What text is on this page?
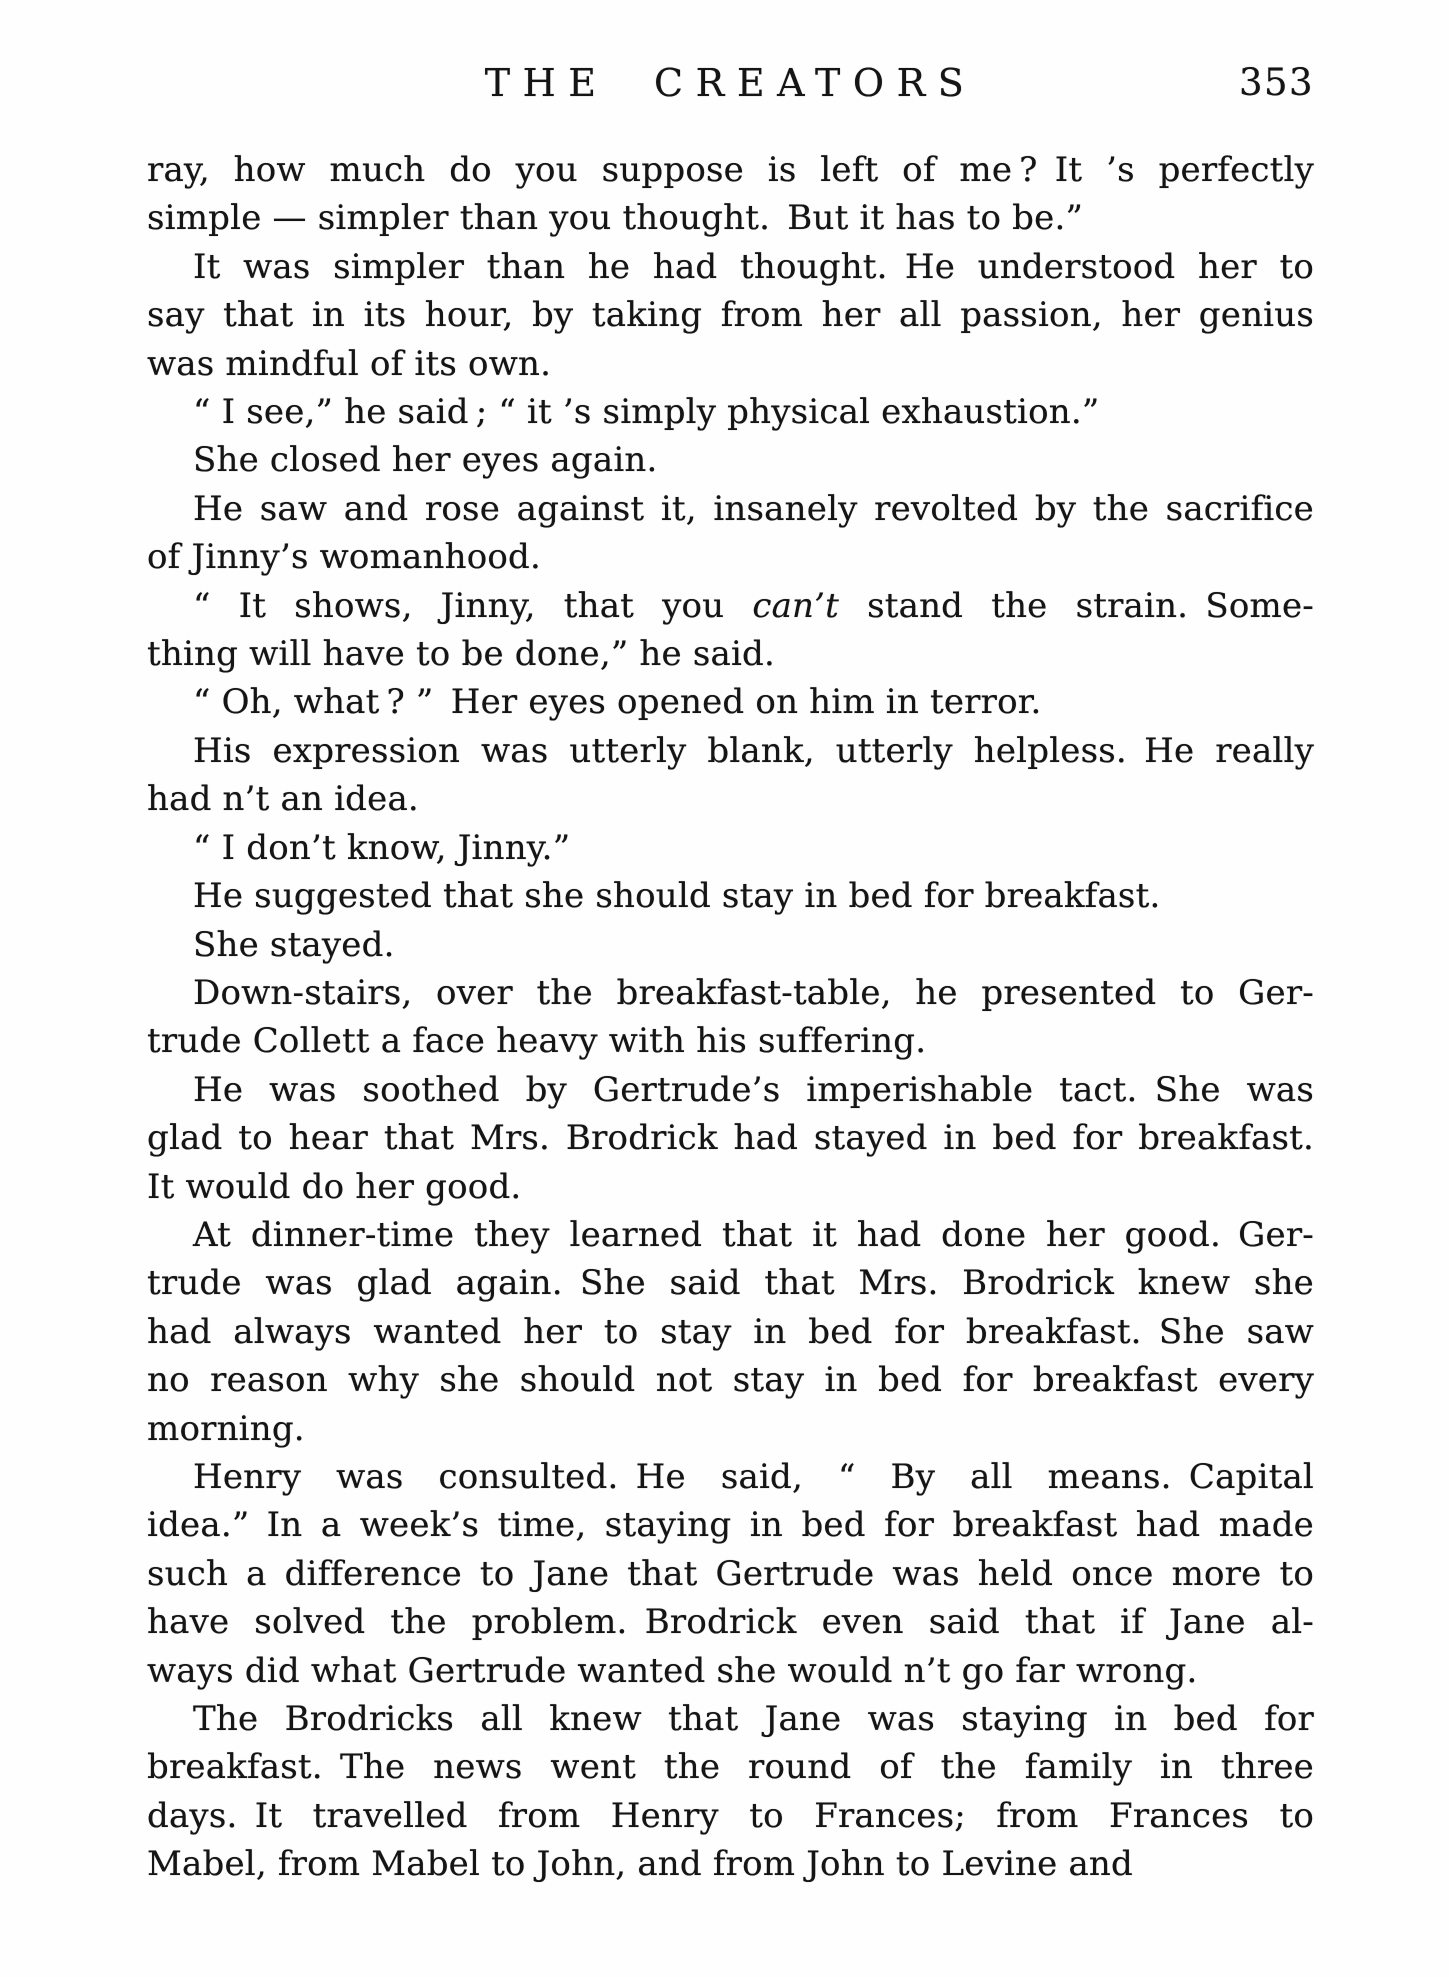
THE CREATORS	353
ray, how much do you suppose is left of me ? It ’s perfectly
simple — simpler than you thought. But it has to be.”
It was simpler than he had thought. He understood her to
say that in its hour, by taking from her all passion, her genius
was mindful of its own.
“ I see,” he said ; “ it ’s simply physical exhaustion.”
She closed her eyes again.
He saw and rose against it, insanely revolted by the sacrifice
of Jinny’s womanhood.
“ It shows, Jinny, that you can’t stand the strain. Some-
thing will have to be done,” he said.
“ Oh, what ? ” Her eyes opened on him in terror.
His expression was utterly blank, utterly helpless. He really
had n’t an idea.
“ I don’t know, Jinny.”
He suggested that she should stay in bed for breakfast.
She stayed.
Down-stairs, over the breakfast-table, he presented to Ger-
trude Collett a face heavy with his suffering.
He was soothed by Gertrude’s imperishable tact. She was
glad to hear that Mrs. Brodrick had stayed in bed for breakfast.
It would do her good.
At dinner-time they learned that it had done her good. Ger-
trude was glad again. She said that Mrs. Brodrick knew she
had always wanted her to stay in bed for breakfast. She saw
no reason why she should not stay in bed for breakfast every
morning.
Henry was consulted. He said, “ By all means. Capital
idea.” In a week’s time, staying in bed for breakfast had made
such a difference to Jane that Gertrude was held once more to
have solved the problem. Brodrick even said that if Jane al-
ways did what Gertrude wanted she would n’t go far wrong.
The Brodricks all knew that Jane was staying in bed for
breakfast. The news went the round of the family in three
days. It travelled from Henry to Frances; from Frances to
Mabel, from Mabel to John, and from John to Levine and
